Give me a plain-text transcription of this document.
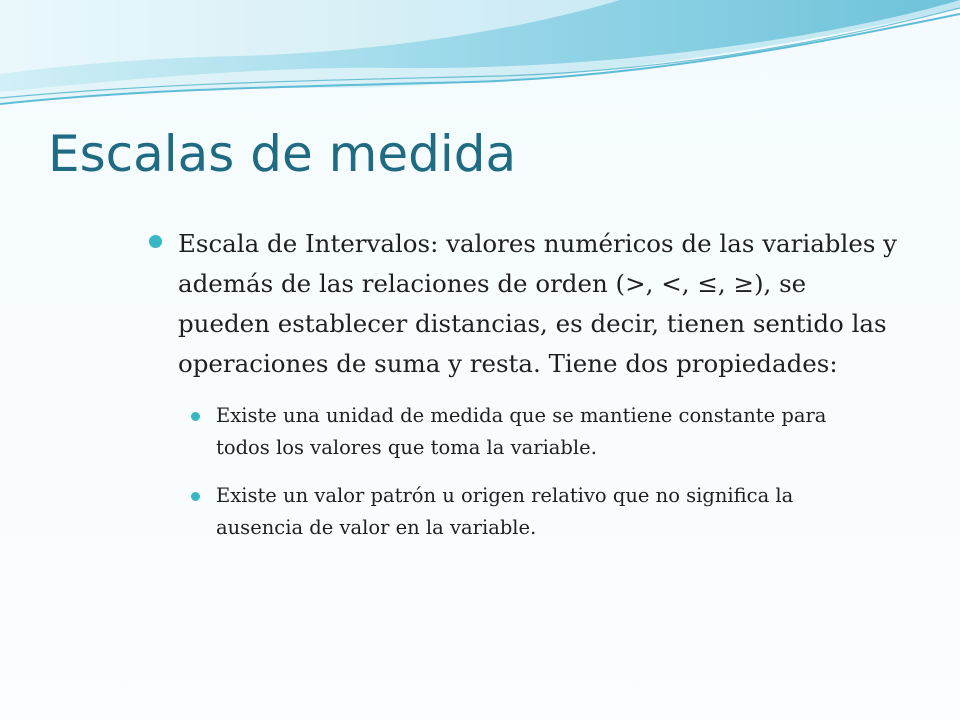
Escalas de medida
Escala de Intervalos: valores numéricos de las variables y además de las relaciones de orden (>, <, ≤, ≥), se pueden establecer distancias, es decir, tienen sentido las operaciones de suma y resta. Tiene dos propiedades:
Existe una unidad de medida que se mantiene constante para todos los valores que toma la variable.
Existe un valor patrón u origen relativo que no significa la ausencia de valor en la variable.
